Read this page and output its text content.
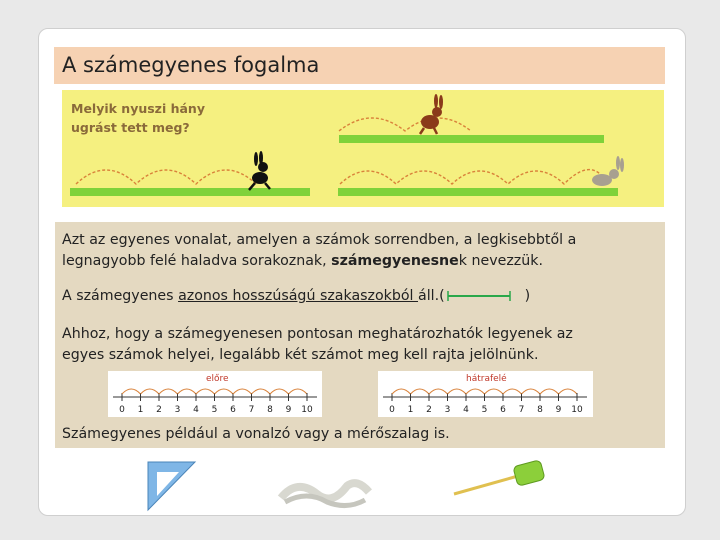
A számegyenes fogalma
Melyik nyuszi hány
ugrást tett meg?
Azt az egyenes vonalat, amelyen a számok sorrendben, a legkisebbtől a
legnagyobb felé haladva sorakoznak, számegyenesnek nevezzük.
A számegyenes azonos hosszúságú szakaszokból áll.(	)
Ahhoz, hogy a számegyenesen pontosan meghatározhatók legyenek az
egyes számok helyei, legalább két számot meg kell rajta jelölnünk.
0 1 2 3 4 5 6 7 8 9 10
előre
0 1 2 3 4 5 6 7 8 9 10
hátrafelé
Számegyenes például a vonalzó vagy a mérőszalag is.
